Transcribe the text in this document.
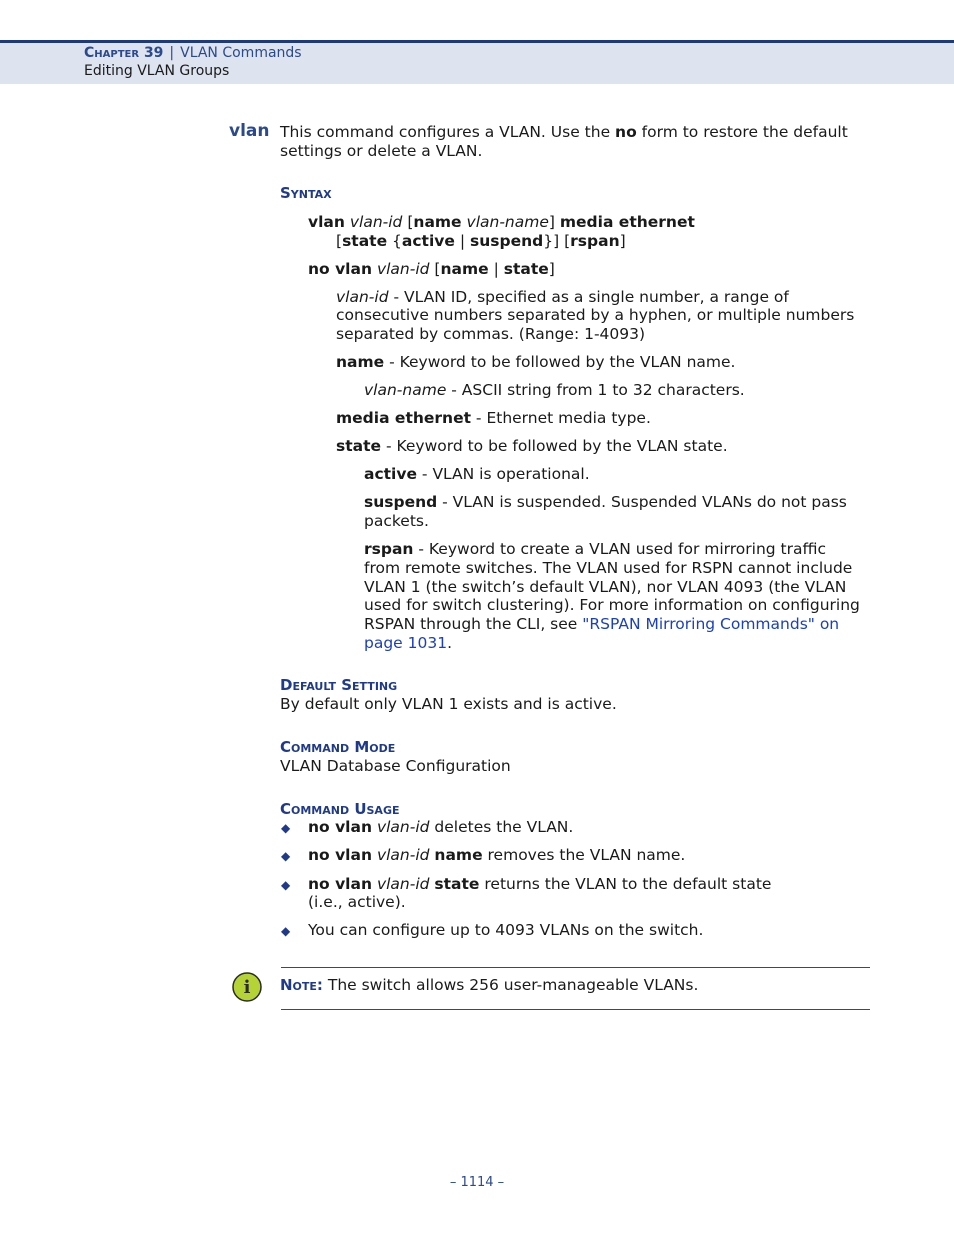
Chapter 39 | VLAN Commands
Editing VLAN Groups
vlan This command configures a VLAN. Use the no form to restore the default
settings or delete a VLAN.
Syntax
vlan vlan-id [name vlan-name] media ethernet
[state {active | suspend}] [rspan]
no vlan vlan-id [name | state]
vlan-id - VLAN ID, specified as a single number, a range of
consecutive numbers separated by a hyphen, or multiple numbers
separated by commas. (Range: 1-4093)
name - Keyword to be followed by the VLAN name.
vlan-name - ASCII string from 1 to 32 characters.
media ethernet - Ethernet media type.
state - Keyword to be followed by the VLAN state.
active - VLAN is operational.
suspend - VLAN is suspended. Suspended VLANs do not pass
packets.
rspan - Keyword to create a VLAN used for mirroring traffic
from remote switches. The VLAN used for RSPN cannot include
VLAN 1 (the switch’s default VLAN), nor VLAN 4093 (the VLAN
used for switch clustering). For more information on configuring
RSPAN through the CLI, see "RSPAN Mirroring Commands" on
page 1031.
Default Setting
By default only VLAN 1 exists and is active.
Command Mode
VLAN Database Configuration
Command Usage
◆ no vlan vlan-id deletes the VLAN.
◆ no vlan vlan-id name removes the VLAN name.
◆ no vlan vlan-id state returns the VLAN to the default state
(i.e., active).
◆ You can configure up to 4093 VLANs on the switch.
i Note: The switch allows 256 user-manageable VLANs.
– 1114 –
